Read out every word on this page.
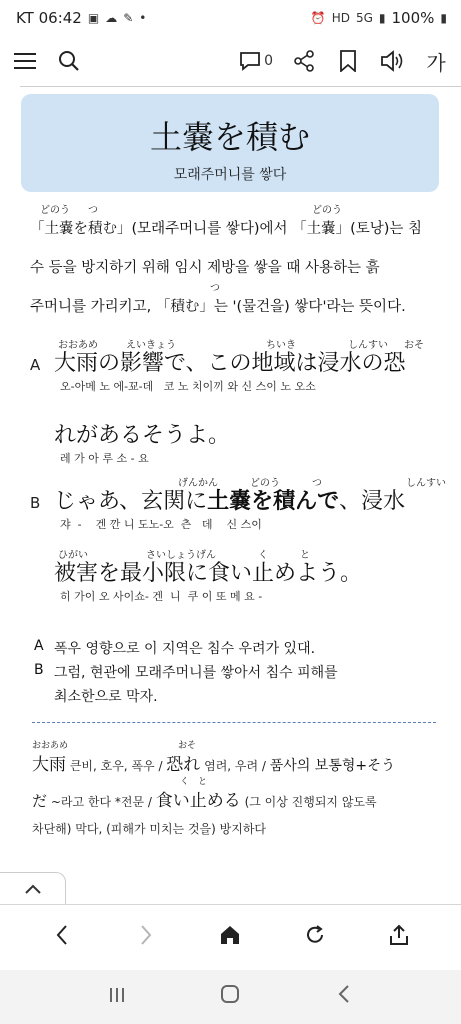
KT 06:42 ▣ ☁ ✎ •	⏰ HD 5G ▮ 100% ▮
0	가
土嚢を積む
모래주머니를 쌓다
どのう つ	どのう
「土嚢を積む」(모래주머니를 쌓다)에서 「土嚢」(토낭)는 침
수 등을 방지하기 위해 임시 제방을 쌓을 때 사용하는 흙
つ
주머니를 가리키고, 「積む」는 '(물건을) 쌓다'라는 뜻이다.
おおあめ	えいきょう	ちいき	しんすい おそ
A 大雨の影響で、この地域は浸水の恐
오-아메 노 에-꾜-데   코 노 치이끼 와 신 스이 노 오소
れがあるそうよ。
레 가 아 루 소 - 요
げんかん	どのう	つ	しんすい
B じゃあ、玄関に土嚢を積んで、浸水
쟈  -    겐 깐 니 도노-오  츤   데    신 스이
ひがい	さいしょうげん	く	と
被害を最小限に食い止めよう。
히 가이 오 사이쇼- 겐  니  쿠 이 또 메 요 -
A 폭우 영향으로 이 지역은 침수 우려가 있대.
B 그럼, 현관에 모래주머니를 쌓아서 침수 피해를
최소한으로 막자.
おおあめ	おそ
大雨 큰비, 호우, 폭우 / 恐れ 염려, 우려 / 품사의 보통형+そう
く　と
だ ~라고 한다 *전문 / 食い止める (그 이상 진행되지 않도록
차단해) 막다, (피해가 미치는 것을) 방지하다
